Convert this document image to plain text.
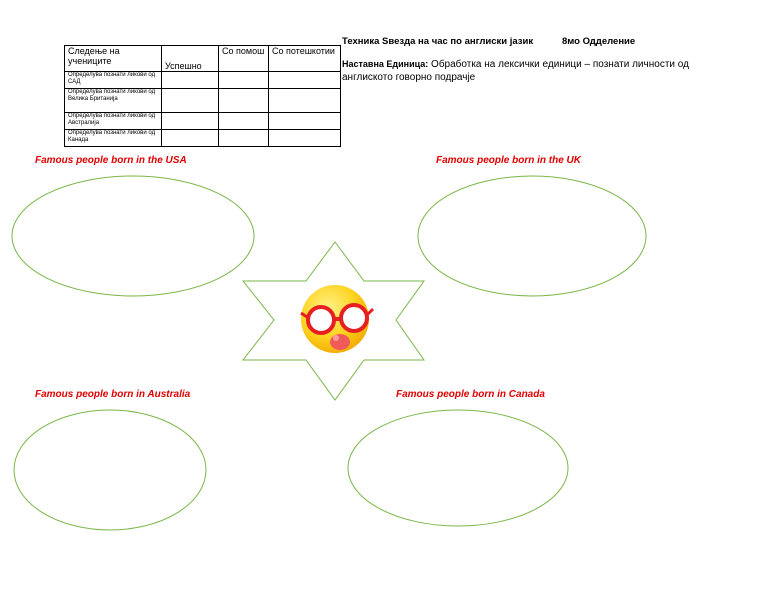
Следење на учениците	Успешно	Со помош	Со потешкотии
Определува познати ликови од САД			
Определува познати ликови од Велика Британија			
Определува познати ликови од Австралија			
Определува познати ликови од Канада			
Техника Ѕвезда на час по англиски јазик	8мо Одделение
Наставна Единица: Обработка на лексички единици – познати личности од англиското говорно подрачје
Famous people born in the USA	Famous people born in the UK
Famous people born in Australia	Famous people born in Canada
